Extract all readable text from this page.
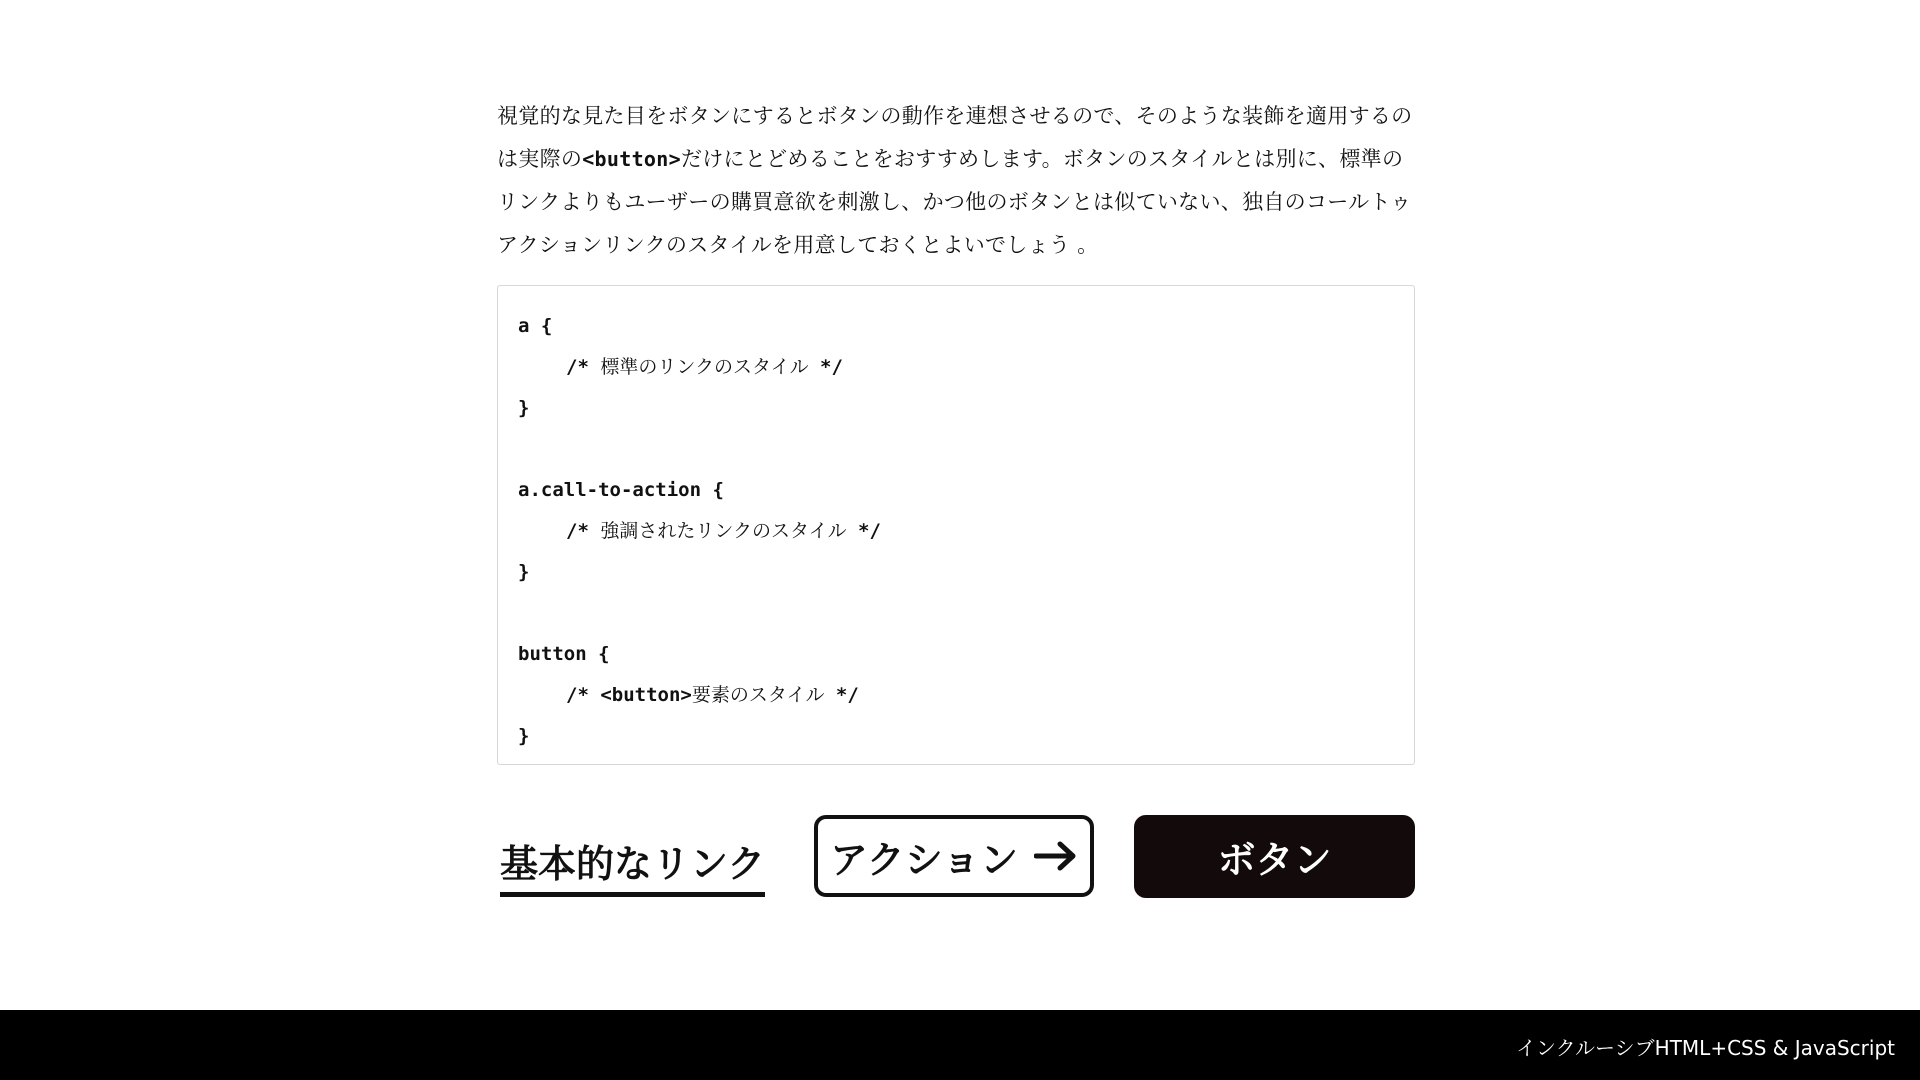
視覚的な見た目をボタンにするとボタンの動作を連想させるので、そのような装飾を適用するの
は実際の<button>だけにとどめることをおすすめします。ボタンのスタイルとは別に、標準の
リンクよりもユーザーの購買意欲を刺激し、かつ他のボタンとは似ていない、独自のコールトゥ
アクションリンクのスタイルを用意しておくとよいでしょう 。

a {
/* 標準のリンクのスタイル */
}

a.call-to-action {
/* 強調されたリンクのスタイル */
}

button {
/* <button>要素のスタイル */
}
基本的なリンク アクション	ボタン
インクルーシブHTML+CSS & JavaScript
